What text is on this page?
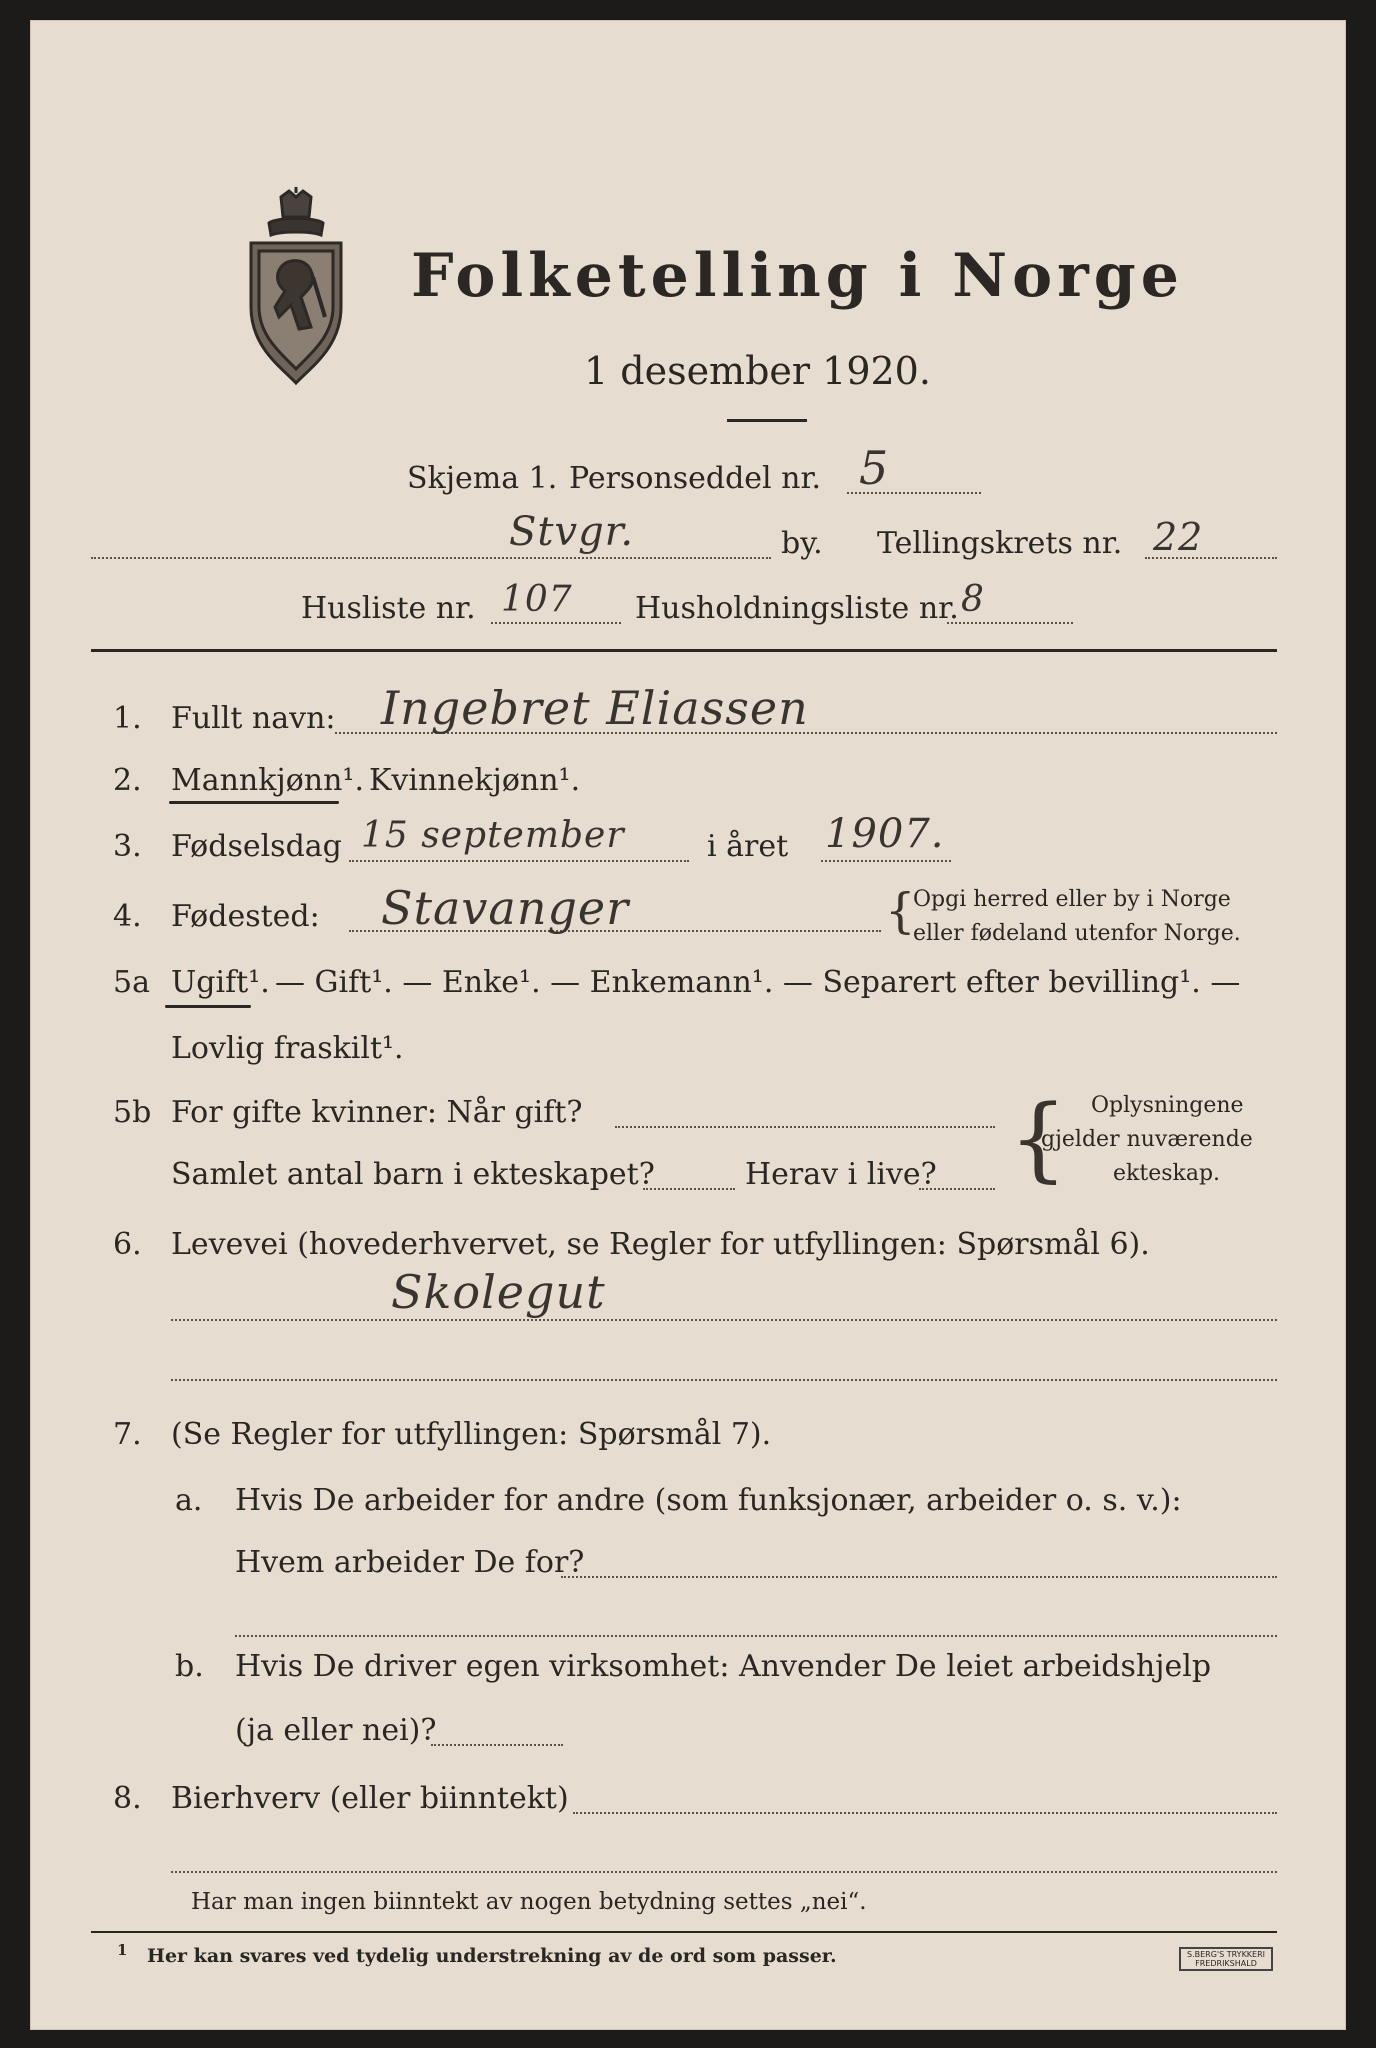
Folketelling i Norge
1 desember 1920.
Skjema 1. Personseddel nr. 5
Stvgr.	by. Tellingskrets nr. 22
Husliste nr. 107 Husholdningsliste nr. 8
1. Fullt navn: Ingebret Eliassen
2. Mannkjønn¹. Kvinnekjønn¹.
3. Fødselsdag 15 september	i året 1907.
4. Fødested: Stavanger	{
Opgi herred eller by i Norge
eller fødeland utenfor Norge.
5a Ugift¹. — Gift¹. — Enke¹. — Enkemann¹. — Separert efter bevilling¹. —
Lovlig fraskilt¹.
5b For gifte kvinner: Når gift?
Samlet antal barn i ekteskapet?	Herav i live? { Oplysningene
gjelder nuværende
ekteskap.
6. Levevei (hovederhvervet, se Regler for utfyllingen: Spørsmål 6).
Skolegut
7. (Se Regler for utfyllingen: Spørsmål 7).
a. Hvis De arbeider for andre (som funksjonær, arbeider o. s. v.):
Hvem arbeider De for?
b. Hvis De driver egen virksomhet: Anvender De leiet arbeidshjelp
(ja eller nei)?
8. Bierhverv (eller biinntekt)
Har man ingen biinntekt av nogen betydning settes „nei“.
1 Her kan svares ved tydelig understrekning av de ord som passer.	S.BERG'S TRYKKERI
FREDRIKSHALD
